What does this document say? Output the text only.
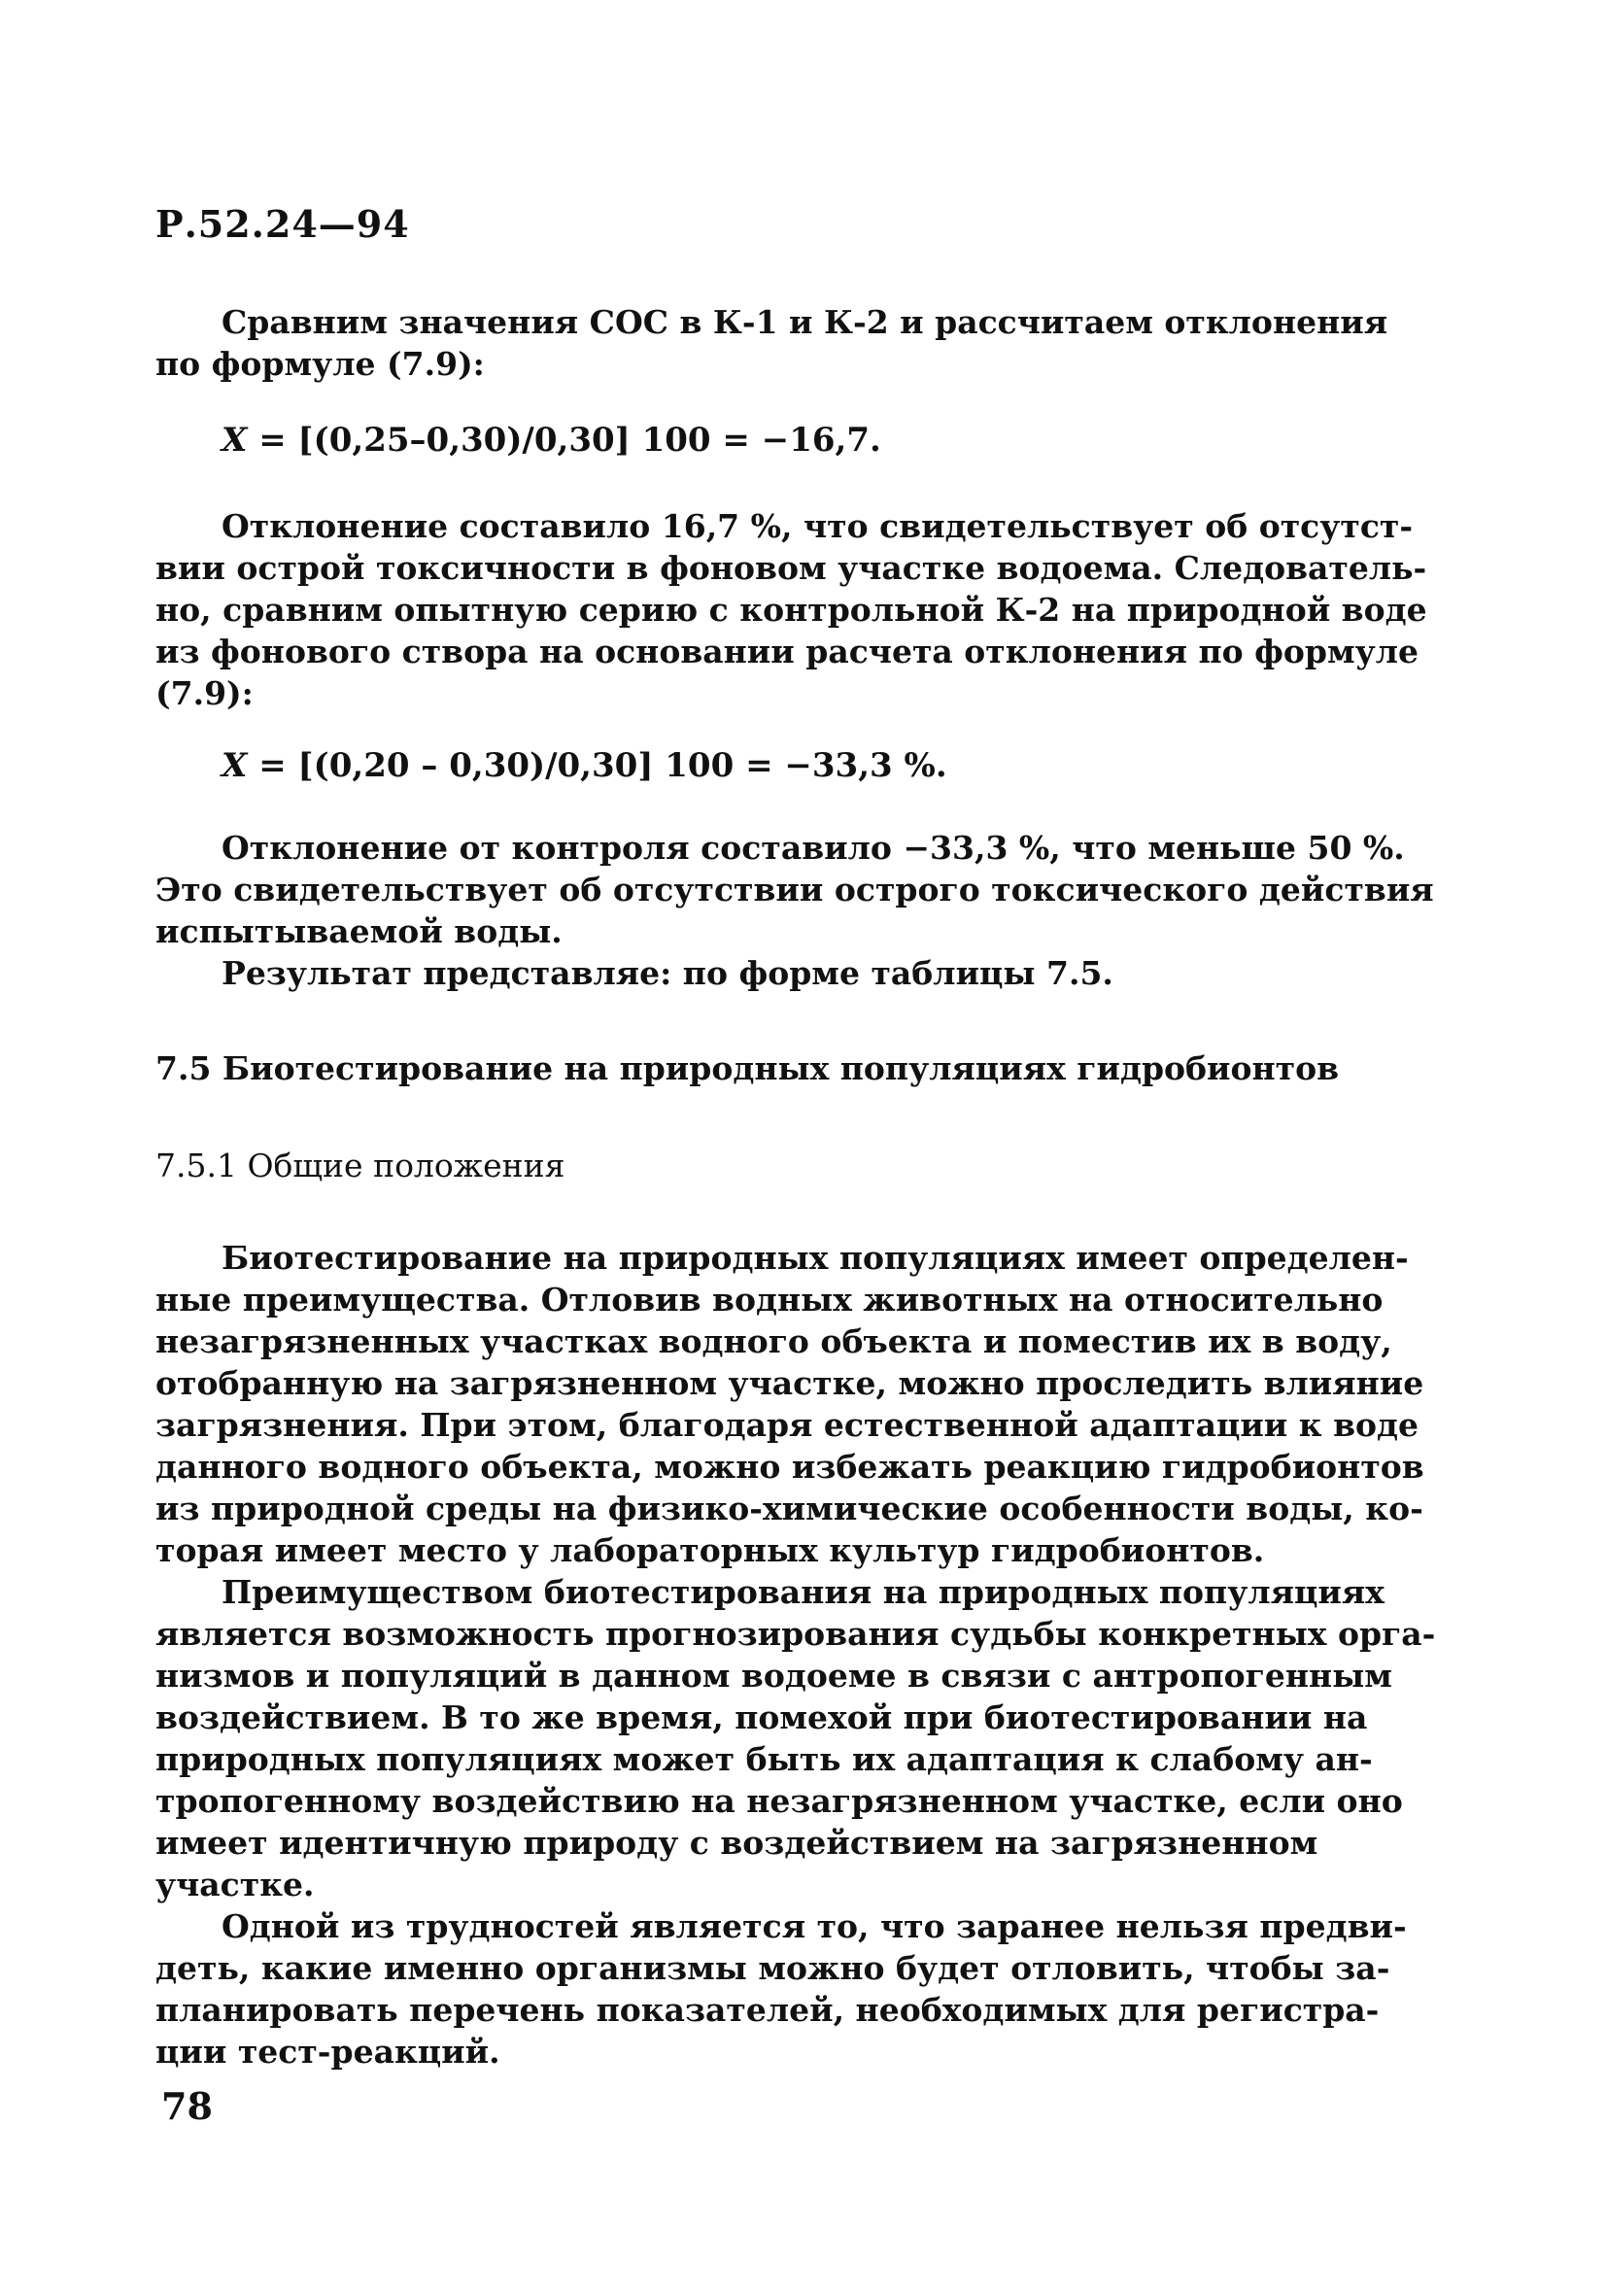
Р.52.24—94
Сравним значения СОС в К-1 и К-2 и рассчитаем отклонения
по формуле (7.9):
X = [(0,25–0,30)/0,30] 100 = −16,7.
Отклонение составило 16,7 %, что свидетельствует об отсутст-
вии острой токсичности в фоновом участке водоема. Следователь-
но, сравним опытную серию с контрольной К-2 на природной воде
из фонового створа на основании расчета отклонения по формуле
(7.9):
X = [(0,20 – 0,30)/0,30] 100 = −33,3 %.
Отклонение от контроля составило −33,3 %, что меньше 50 %.
Это свидетельствует об отсутствии острого токсического действия
испытываемой воды.
Результат представляе: по форме таблицы 7.5.
7.5 Биотестирование на природных популяциях гидробионтов
7.5.1 Общие положения
Биотестирование на природных популяциях имеет определен-
ные преимущества. Отловив водных животных на относительно
незагрязненных участках водного объекта и поместив их в воду,
отобранную на загрязненном участке, можно проследить влияние
загрязнения. При этом, благодаря естественной адаптации к воде
данного водного объекта, можно избежать реакцию гидробионтов
из природной среды на физико-химические особенности воды, ко-
торая имеет место у лабораторных культур гидробионтов.
Преимуществом биотестирования на природных популяциях
является возможность прогнозирования судьбы конкретных орга-
низмов и популяций в данном водоеме в связи с антропогенным
воздействием. В то же время, помехой при биотестировании на
природных популяциях может быть их адаптация к слабому ан-
тропогенному воздействию на незагрязненном участке, если оно
имеет идентичную природу с воздействием на загрязненном
участке.
Одной из трудностей является то, что заранее нельзя предви-
деть, какие именно организмы можно будет отловить, чтобы за-
планировать перечень показателей, необходимых для регистра-
ции тест-реакций.
78
